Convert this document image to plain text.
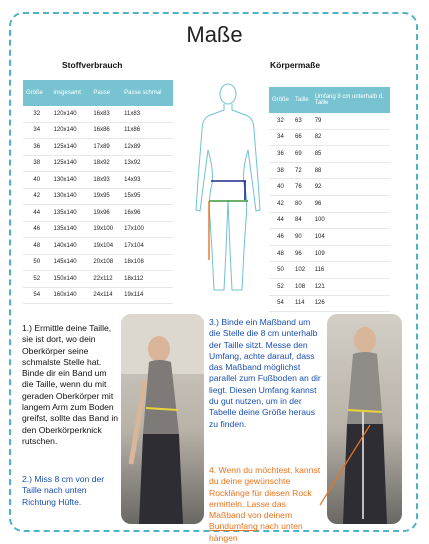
Maße
Stoffverbrauch	Körpermaße
Größe	insgesamt	Passe	Passe schmal
32	120x140	16x83	11x83
34	120x140	16x86	11x86
36	125x140	17x89	12x89
38	125x140	18x92	13x92
40	130x140	18x93	14x93
42	130x140	19x95	15x95
44	135x140	19x96	16x96
46	135x140	19x100	17x100
48	140x140	19x104	17x104
50	145x140	20x108	18x108
52	150x140	22x112	18x112
54	160x140	24x114	19x114
Größe	Taille	Umfang 8 cm unterhalb d. Taille
32	63	79
34	66	82
36	69	85
38	72	88
40	76	92
42	80	96
44	84	100
46	90	104
48	96	109
50	102	116
52	108	121
54	114	126
1.) Ermittle deine Taille, sie ist dort, wo dein Oberkörper seine schmalste Stelle hat. Binde dir ein Band um die Taille, wenn du mit geraden Oberkörper mit langem Arm zum Boden greifst, sollte das Band in den Oberkörperknick rutschen.
2.) Miss 8 cm von der Taille nach unten Richtung Hüfte.
3.) Binde ein Maßband um die Stelle die 8 cm unterhalb der Taille sitzt. Messe den Umfang, achte darauf, dass das Maßband möglichst parallel zum Fußboden an dir liegt. Diesen Umfang kannst du gut nutzen, um in der Tabelle deine Größe heraus zu finden.
4. Wenn du möchtest, kannst du deine gewünschte Rocklänge für diesen Rock ermitteln. Lasse das Maßband von deinem Bundumfang nach unten hängen
